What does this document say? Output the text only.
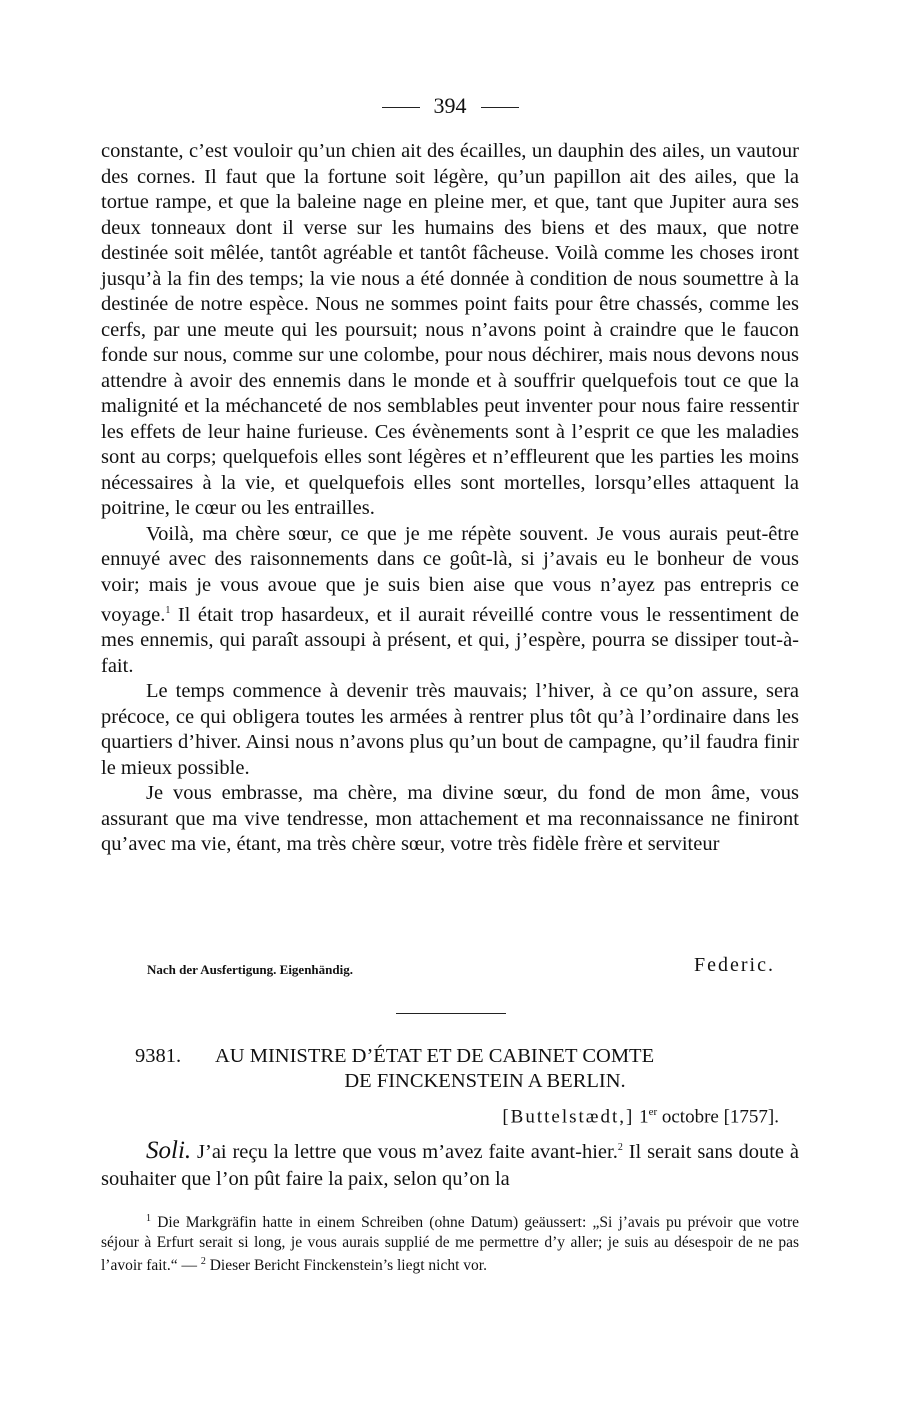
394

constante, c’est vouloir qu’un chien ait des écailles, un dauphin des ailes, un vautour des cornes. Il faut que la fortune soit légère, qu’un papillon ait des ailes, que la tortue rampe, et que la baleine nage en pleine mer, et que, tant que Jupiter aura ses deux tonneaux dont il verse sur les humains des biens et des maux, que notre destinée soit mêlée, tantôt agréable et tantôt fâcheuse. Voilà comme les choses iront jusqu’à la fin des temps; la vie nous a été donnée à condition de nous soumettre à la destinée de notre espèce. Nous ne sommes point faits pour être chassés, comme les cerfs, par une meute qui les poursuit; nous n’avons point à craindre que le faucon fonde sur nous, comme sur une colombe, pour nous déchirer, mais nous devons nous attendre à avoir des ennemis dans le monde et à souffrir quelquefois tout ce que la malignité et la méchanceté de nos semblables peut inventer pour nous faire ressentir les effets de leur haine furieuse. Ces évènements sont à l’esprit ce que les maladies sont au corps; quelquefois elles sont légères et n’effleurent que les parties les moins nécessaires à la vie, et quelquefois elles sont mortelles, lorsqu’elles attaquent la poitrine, le cœur ou les entrailles.

Voilà, ma chère sœur, ce que je me répète souvent. Je vous aurais peut-être ennuyé avec des raisonnements dans ce goût-là, si j’avais eu le bonheur de vous voir; mais je vous avoue que je suis bien aise que vous n’ayez pas entrepris ce voyage.$^1$ Il était trop hasardeux, et il aurait réveillé contre vous le ressentiment de mes ennemis, qui paraît assoupi à présent, et qui, j’espère, pourra se dissiper tout-à-fait.

Le temps commence à devenir très mauvais; l’hiver, à ce qu’on assure, sera précoce, ce qui obligera toutes les armées à rentrer plus tôt qu’à l’ordinaire dans les quartiers d’hiver. Ainsi nous n’avons plus qu’un bout de campagne, qu’il faudra finir le mieux possible.

Je vous embrasse, ma chère, ma divine sœur, du fond de mon âme, vous assurant que ma vive tendresse, mon attachement et ma reconnaissance ne finiront qu’avec ma vie, étant, ma très chère sœur, votre très fidèle frère et serviteur

Nach der Ausfertigung. Eigenhändig.	Federic.
9381. AU MINISTRE D’ÉTAT ET DE CABINET COMTE
DE FINCKENSTEIN A BERLIN.
[Buttelstædt,] 1er octobre [1757].

Soli. J’ai reçu la lettre que vous m’avez faite avant-hier.$^2$ Il serait sans doute à souhaiter que l’on pût faire la paix, selon qu’on la

$^1$ Die Markgräfin hatte in einem Schreiben (ohne Datum) geäussert: „Si j’avais pu prévoir que votre séjour à Erfurt serait si long, je vous aurais supplié de me permettre d’y aller; je suis au désespoir de ne pas l’avoir fait.“ — $^2$ Dieser Bericht Finckenstein’s liegt nicht vor.
